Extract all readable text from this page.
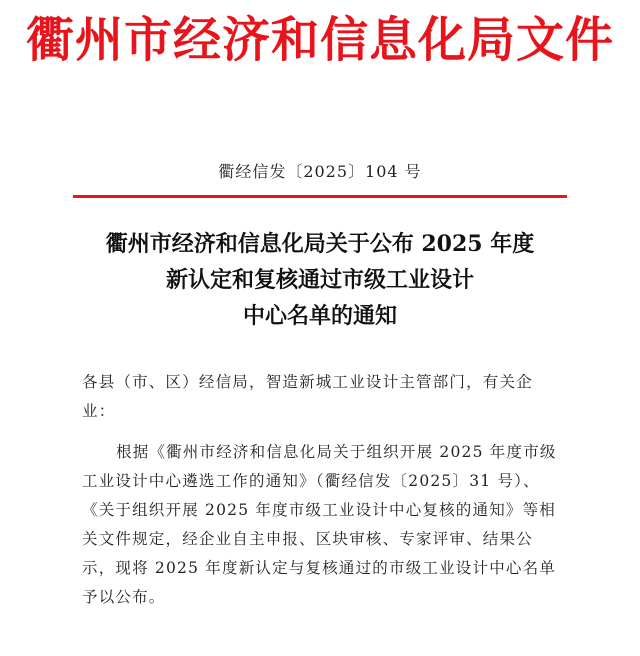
衢州市经济和信息化局文件
衢经信发〔2025〕104 号
衢州市经济和信息化局关于公布 2025 年度
新认定和复核通过市级工业设计
中心名单的通知

各县（市、区）经信局，智造新城工业设计主管部门，有关企业：

根据《衢州市经济和信息化局关于组织开展 2025 年度市级工业设计中心遴选工作的通知》（衢经信发〔2025〕31 号）、《关于组织开展 2025 年度市级工业设计中心复核的通知》等相关文件规定，经企业自主申报、区块审核、专家评审、结果公示，现将 2025 年度新认定与复核通过的市级工业设计中心名单予以公布。
